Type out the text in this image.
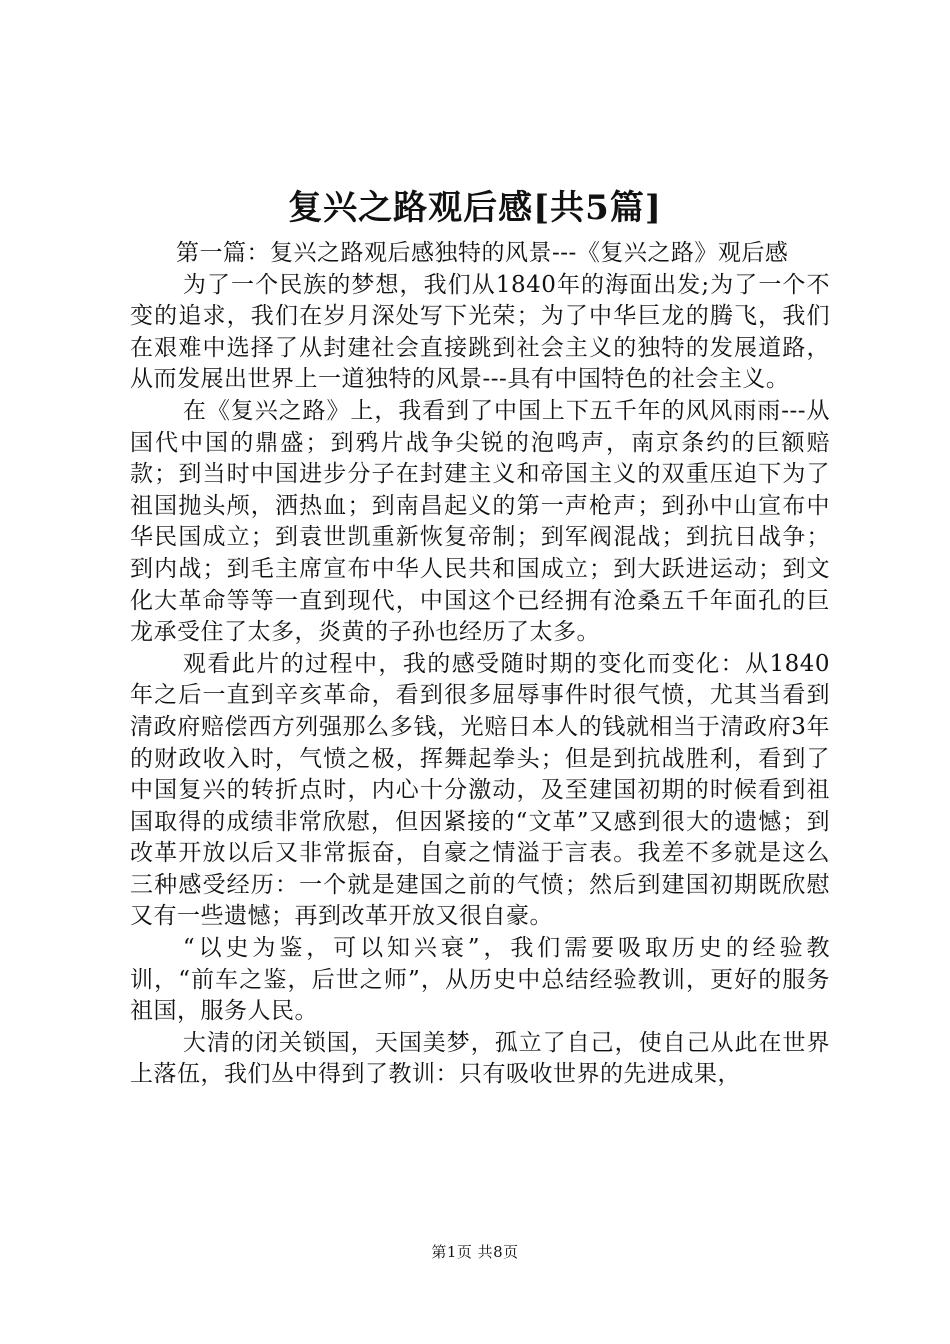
复兴之路观后感[共5篇]

第一篇：复兴之路观后感独特的风景---《复兴之路》观后感

为了一个民族的梦想，我们从1840年的海面出发;为了一个不变的追求，我们在岁月深处写下光荣；为了中华巨龙的腾飞，我们在艰难中选择了从封建社会直接跳到社会主义的独特的发展道路，从而发展出世界上一道独特的风景---具有中国特色的社会主义。

在《复兴之路》上，我看到了中国上下五千年的风风雨雨---从国代中国的鼎盛；到鸦片战争尖锐的泡鸣声，南京条约的巨额赔款；到当时中国进步分子在封建主义和帝国主义的双重压迫下为了祖国抛头颅，洒热血；到南昌起义的第一声枪声；到孙中山宣布中华民国成立；到袁世凯重新恢复帝制；到军阀混战；到抗日战争；到内战；到毛主席宣布中华人民共和国成立；到大跃进运动；到文化大革命等等一直到现代，中国这个已经拥有沧桑五千年面孔的巨龙承受住了太多，炎黄的子孙也经历了太多。

观看此片的过程中，我的感受随时期的变化而变化：从1840年之后一直到辛亥革命，看到很多屈辱事件时很气愤，尤其当看到清政府赔偿西方列强那么多钱，光赔日本人的钱就相当于清政府3年的财政收入时，气愤之极，挥舞起拳头；但是到抗战胜利，看到了中国复兴的转折点时，内心十分激动，及至建国初期的时候看到祖国取得的成绩非常欣慰，但因紧接的“文革”又感到很大的遗憾；到改革开放以后又非常振奋，自豪之情溢于言表。我差不多就是这么三种感受经历：一个就是建国之前的气愤；然后到建国初期既欣慰又有一些遗憾；再到改革开放又很自豪。

“以史为鉴，可以知兴衰”，我们需要吸取历史的经验教训，“前车之鉴，后世之师”，从历史中总结经验教训，更好的服务祖国，服务人民。

大清的闭关锁国，天国美梦，孤立了自己，使自己从此在世界上落伍，我们丛中得到了教训：只有吸收世界的先进成果，

第1页 共8页
